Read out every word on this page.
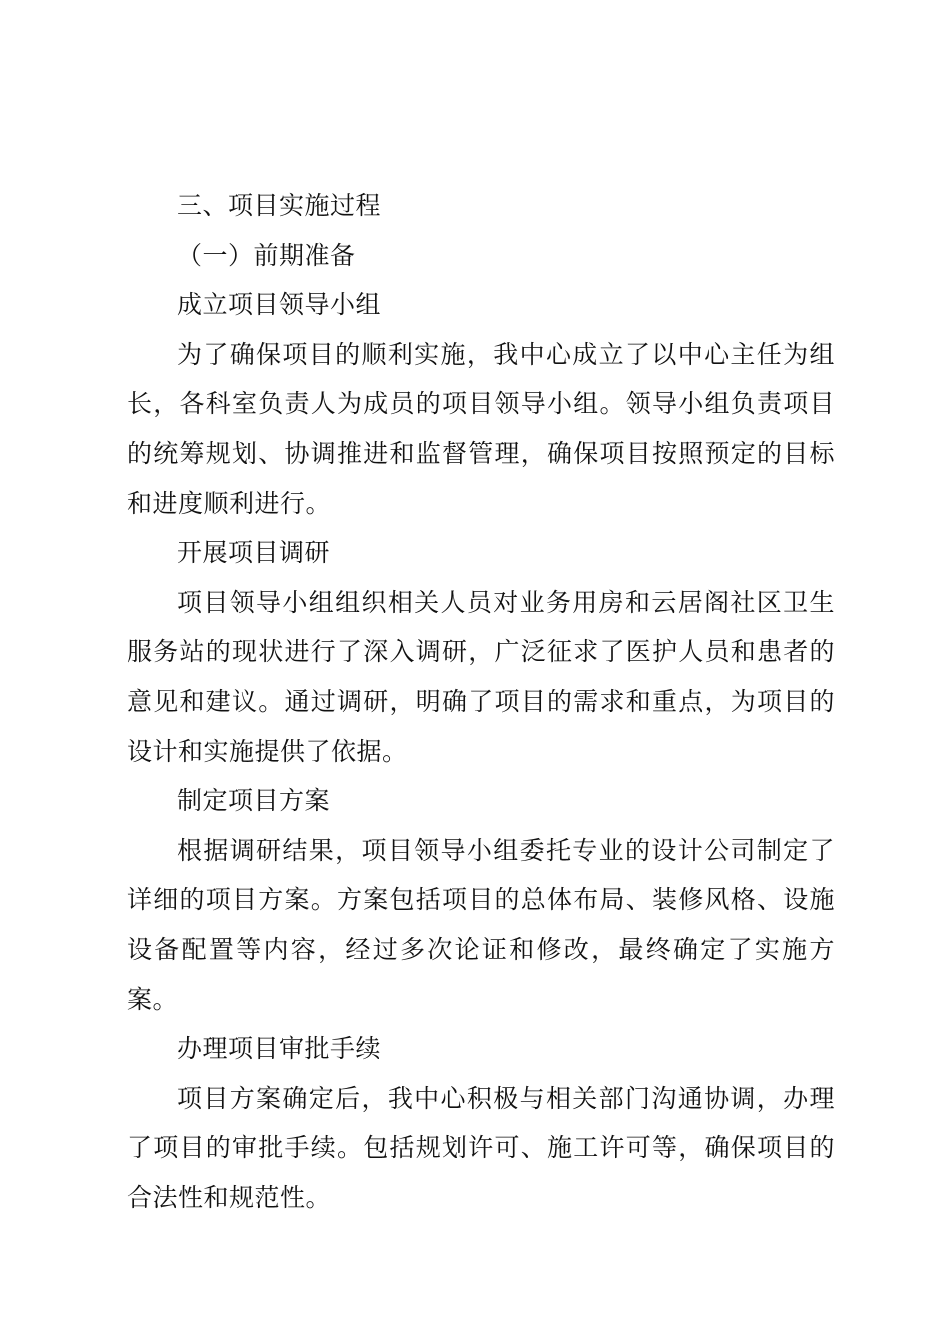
三、项目实施过程

（一）前期准备

成立项目领导小组

为了确保项目的顺利实施，我中心成立了以中心主任为组长，各科室负责人为成员的项目领导小组。领导小组负责项目的统筹规划、协调推进和监督管理，确保项目按照预定的目标和进度顺利进行。

开展项目调研

项目领导小组组织相关人员对业务用房和云居阁社区卫生服务站的现状进行了深入调研，广泛征求了医护人员和患者的意见和建议。通过调研，明确了项目的需求和重点，为项目的设计和实施提供了依据。

制定项目方案

根据调研结果，项目领导小组委托专业的设计公司制定了详细的项目方案。方案包括项目的总体布局、装修风格、设施设备配置等内容，经过多次论证和修改，最终确定了实施方案。

办理项目审批手续

项目方案确定后，我中心积极与相关部门沟通协调，办理了项目的审批手续。包括规划许可、施工许可等，确保项目的合法性和规范性。
